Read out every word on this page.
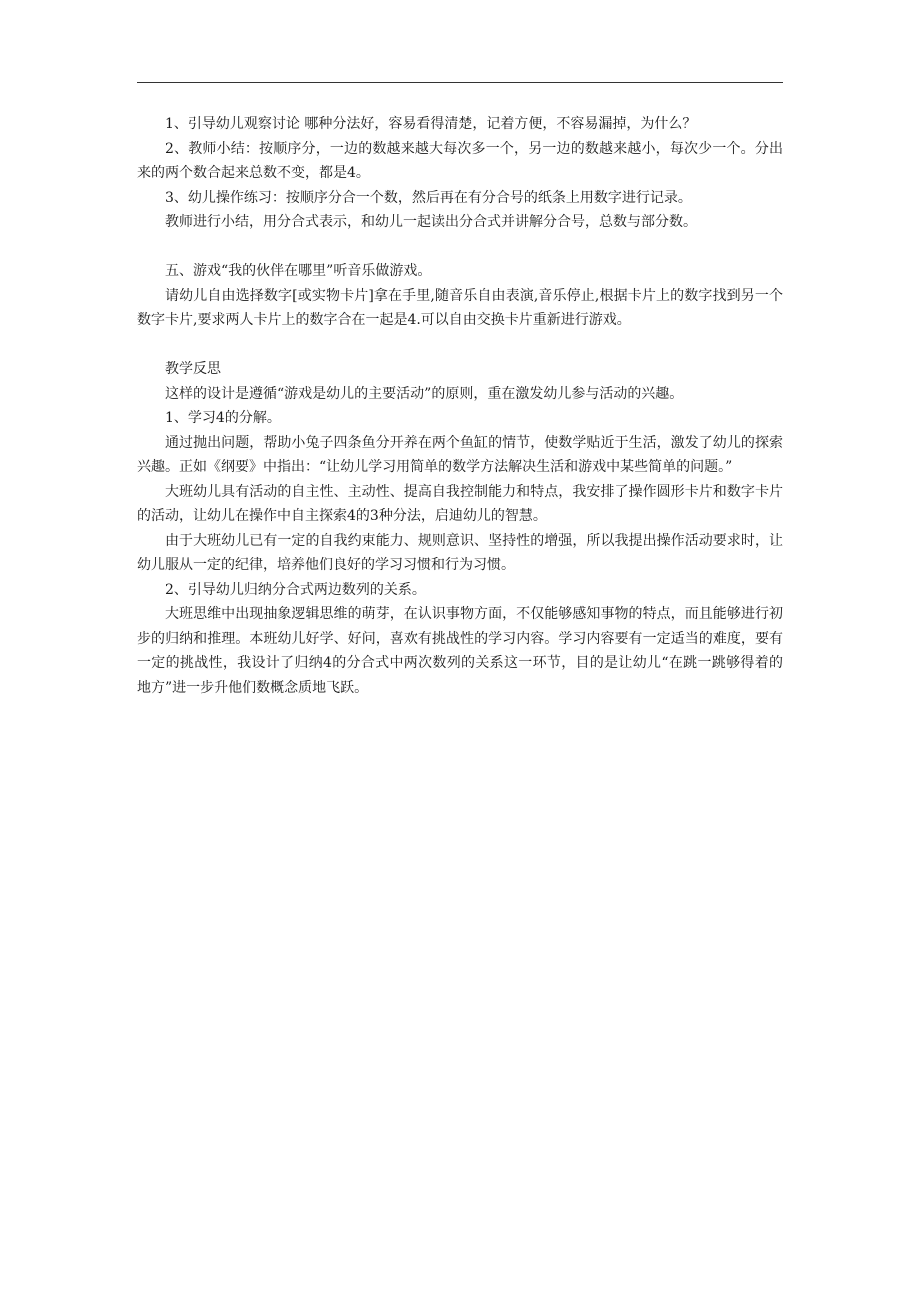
1、引导幼儿观察讨论 哪种分法好，容易看得清楚，记着方便，不容易漏掉，为什么？

2、教师小结：按顺序分，一边的数越来越大每次多一个，另一边的数越来越小，每次少一个。分出来的两个数合起来总数不变，都是4。

3、幼儿操作练习：按顺序分合一个数，然后再在有分合号的纸条上用数字进行记录。

教师进行小结，用分合式表示，和幼儿一起读出分合式并讲解分合号，总数与部分数。

五、游戏“我的伙伴在哪里”听音乐做游戏。

请幼儿自由选择数字[或实物卡片]拿在手里,随音乐自由表演,音乐停止,根据卡片上的数字找到另一个数字卡片,要求两人卡片上的数字合在一起是4.可以自由交换卡片重新进行游戏。

教学反思

这样的设计是遵循“游戏是幼儿的主要活动”的原则，重在激发幼儿参与活动的兴趣。

1、学习4的分解。

通过抛出问题，帮助小兔子四条鱼分开养在两个鱼缸的情节，使数学贴近于生活，激发了幼儿的探索兴趣。正如《纲要》中指出：“让幼儿学习用简单的数学方法解决生活和游戏中某些简单的问题。”

大班幼儿具有活动的自主性、主动性、提高自我控制能力和特点，我安排了操作圆形卡片和数字卡片的活动，让幼儿在操作中自主探索4的3种分法，启迪幼儿的智慧。

由于大班幼儿已有一定的自我约束能力、规则意识、坚持性的增强，所以我提出操作活动要求时，让幼儿服从一定的纪律，培养他们良好的学习习惯和行为习惯。

2、引导幼儿归纳分合式两边数列的关系。

大班思维中出现抽象逻辑思维的萌芽，在认识事物方面，不仅能够感知事物的特点，而且能够进行初步的归纳和推理。本班幼儿好学、好问，喜欢有挑战性的学习内容。学习内容要有一定适当的难度，要有一定的挑战性，我设计了归纳4的分合式中两次数列的关系这一环节，目的是让幼儿“在跳一跳够得着的地方”进一步升他们数概念质地飞跃。
